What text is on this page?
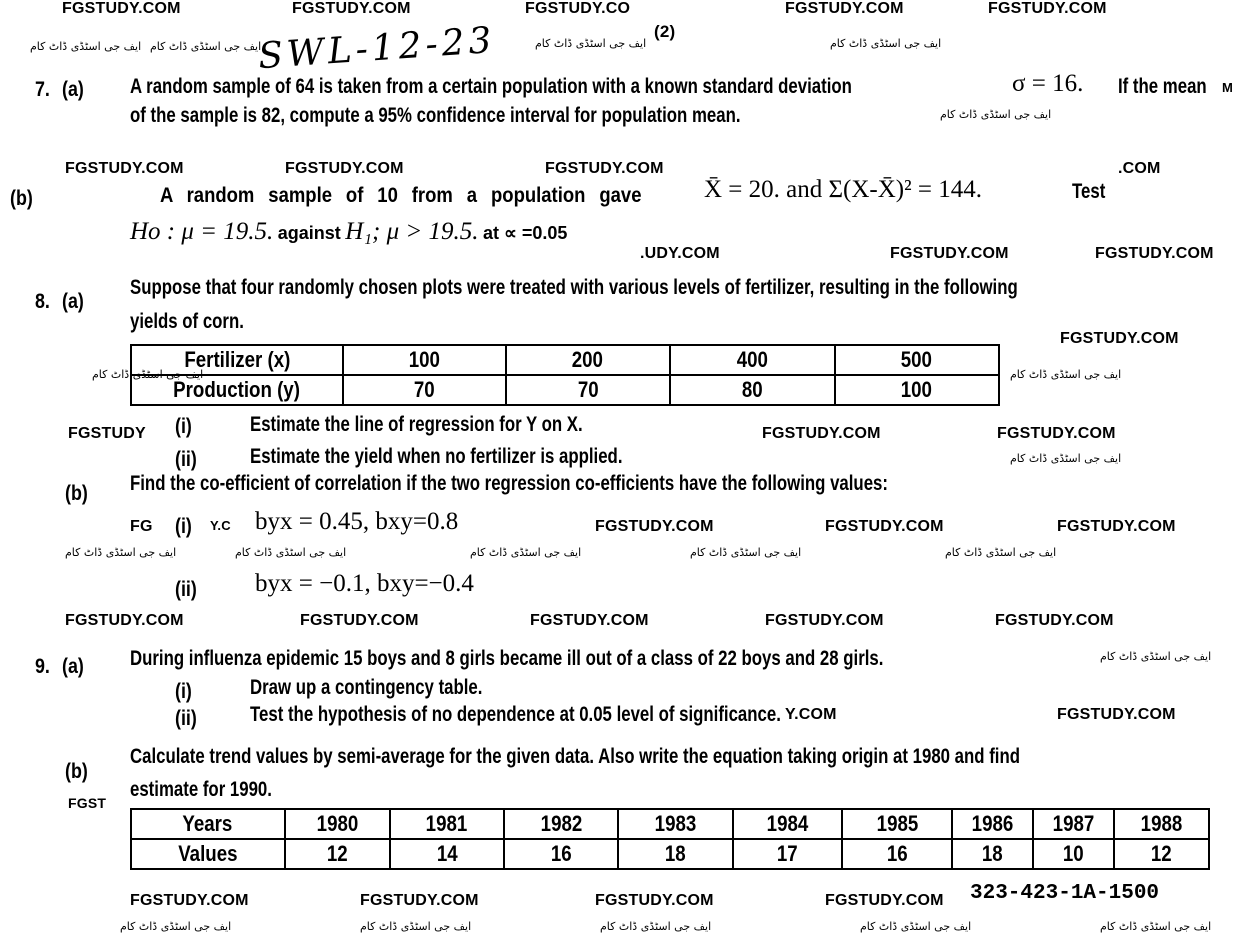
FGSTUDY.COM	FGSTUDY.COM	FGSTUDY.CO	FGSTUDY.COM	FGSTUDY.COM
ایف جی اسٹڈی ڈاٹ کام ایف جی اسٹڈی ڈاٹ کام
SWL-12-23	ایف جی اسٹڈی ڈاٹ کام
(2)
ایف جی اسٹڈی ڈاٹ کام
M
7. (a) A random sample of 64 is taken from a certain population with a known standard deviation	σ = 16. If the mean
of the sample is 82, compute a 95% confidence interval for population mean.	ایف جی اسٹڈی ڈاٹ کام
FGSTUDY.COM	FGSTUDY.COM	FGSTUDY.COM	.COM
(b)	A random sample of 10 from a population gave	X̄ = 20. and Σ(X-X̄)² = 144.	Test
Ho : μ = 19.5. against H₁; μ > 19.5. at ∝ =0.05
.UDY.COM	FGSTUDY.COM	FGSTUDY.COM
8. (a)
Suppose that four randomly chosen plots were treated with various levels of fertilizer, resulting in the following
yields of corn.
FGSTUDY.COM
ایف جی اسٹڈی ڈاٹ کام	ایف جی اسٹڈی ڈاٹ کام
Fertilizer (x)	100	200	400	500
Production (y)	70	70	80	100
FGSTUDY (i)	Estimate the line of regression for Y on X.	FGSTUDY.COM	FGSTUDY.COM
(ii)	Estimate the yield when no fertilizer is applied.	ایف جی اسٹڈی ڈاٹ کام
(b) Find the co-efficient of correlation if the two regression co-efficients have the following values:
FG (i) Y.C byx = 0.45, bxy=0.8	FGSTUDY.COM	FGSTUDY.COM	FGSTUDY.COM
ایف جی اسٹڈی ڈاٹ کام	ایف جی اسٹڈی ڈاٹ کام	ایف جی اسٹڈی ڈاٹ کام	ایف جی اسٹڈی ڈاٹ کام	ایف جی اسٹڈی ڈاٹ کام
(ii) byx = −0.1, bxy=−0.4
FGSTUDY.COM	FGSTUDY.COM	FGSTUDY.COM	FGSTUDY.COM	FGSTUDY.COM
9. (a) During influenza epidemic 15 boys and 8 girls became ill out of a class of 22 boys and 28 girls.	ایف جی اسٹڈی ڈاٹ کام
(i)	Draw up a contingency table.
(ii)	Test the hypothesis of no dependence at 0.05 level of significance. Y.COM	FGSTUDY.COM
(b)
Calculate trend values by semi-average for the given data. Also write the equation taking origin at 1980 and find
estimate for 1990.
FGST
Years	1980	1981	1982	1983	1984	1985	1986	1987	1988
Values	12	14	16	18	17	16	18	10	12
FGSTUDY.COM	FGSTUDY.COM	FGSTUDY.COM	FGSTUDY.COM 323-423-1A-1500
ایف جی اسٹڈی ڈاٹ کام
ایف جی اسٹڈی ڈاٹ کام
ایف جی اسٹڈی ڈاٹ کام
ایف جی اسٹڈی ڈاٹ کام
ایف جی اسٹڈی ڈاٹ کام
